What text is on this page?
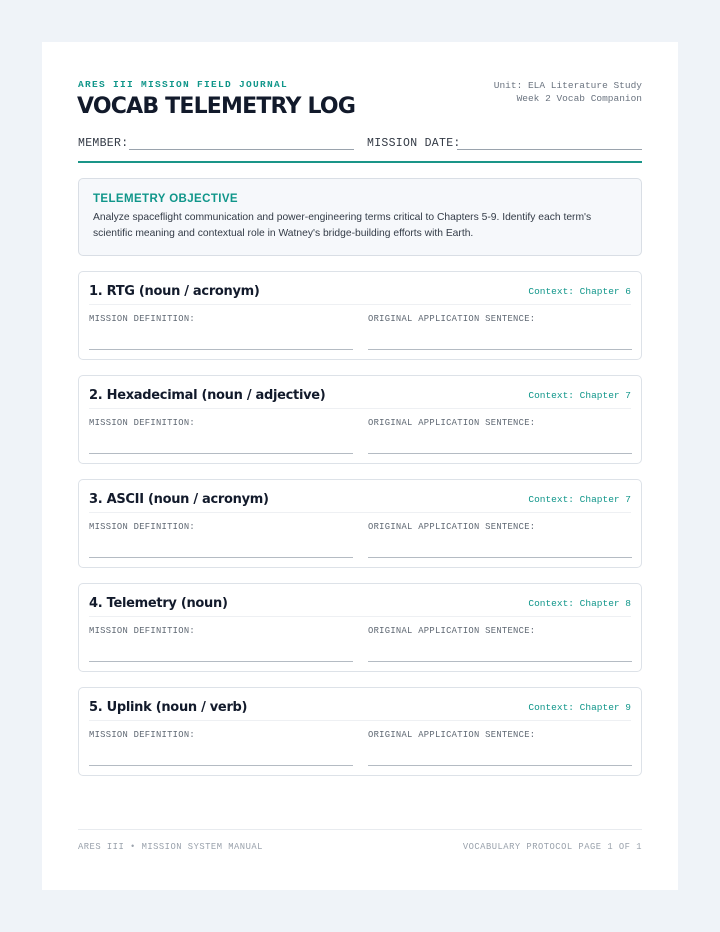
ARES III MISSION FIELD JOURNAL
VOCAB TELEMETRY LOG
Unit: ELA Literature Study
Week 2 Vocab Companion
MEMBER:	MISSION DATE:
TELEMETRY OBJECTIVE
Analyze spaceflight communication and power-engineering terms critical to Chapters 5-9. Identify each term's scientific meaning and contextual role in Watney's bridge-building efforts with Earth.
1. RTG (noun / acronym)	Context: Chapter 6
MISSION DEFINITION:	ORIGINAL APPLICATION SENTENCE:
2. Hexadecimal (noun / adjective)	Context: Chapter 7
MISSION DEFINITION:	ORIGINAL APPLICATION SENTENCE:
3. ASCII (noun / acronym)	Context: Chapter 7
MISSION DEFINITION:	ORIGINAL APPLICATION SENTENCE:
4. Telemetry (noun)	Context: Chapter 8
MISSION DEFINITION:	ORIGINAL APPLICATION SENTENCE:
5. Uplink (noun / verb)	Context: Chapter 9
MISSION DEFINITION:	ORIGINAL APPLICATION SENTENCE:
ARES III • MISSION SYSTEM MANUAL	VOCABULARY PROTOCOL PAGE 1 OF 1
